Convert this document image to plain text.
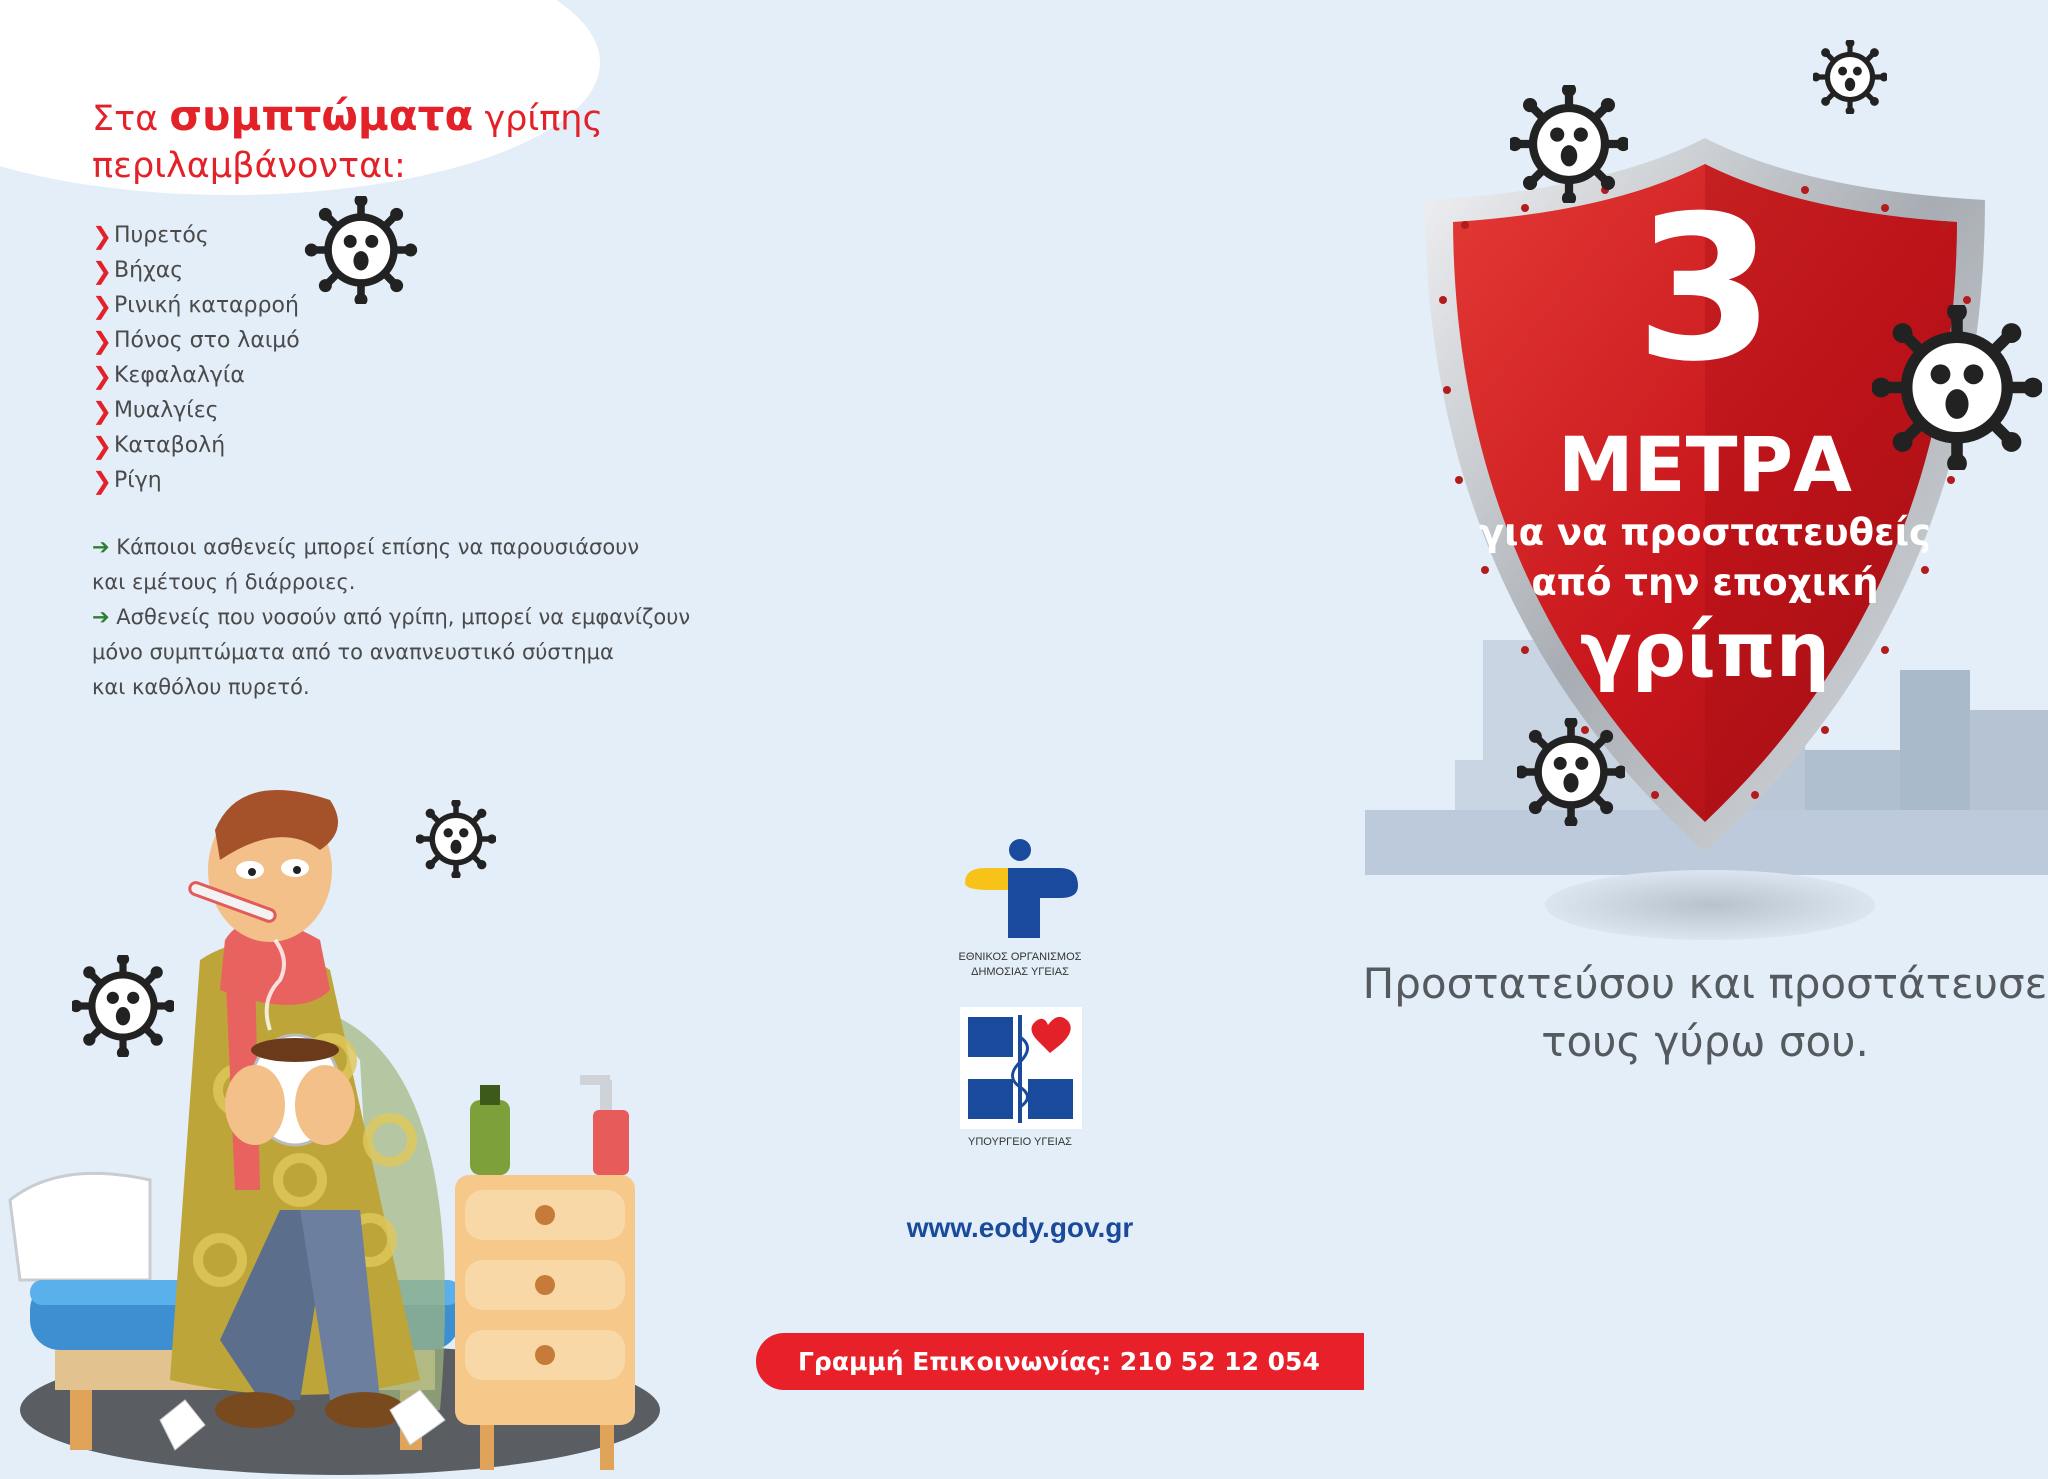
Στα συμπτώματα γρίπης
περιλαμβάνονται:
❯ Πυρετός
❯ Βήχας
❯ Ρινική καταρροή
❯ Πόνος στο λαιμό
❯ Κεφαλαλγία
❯ Μυαλγίες
❯ Καταβολή
❯ Ρίγη
➔ Κάποιοι ασθενείς μπορεί επίσης να παρουσιάσουν
και εμέτους ή διάρροιες.
➔ Ασθενείς που νοσούν από γρίπη, μπορεί να εμφανίζουν
μόνο συμπτώματα από το αναπνευστικό σύστημα
και καθόλου πυρετό.
ΕΘΝΙΚΟΣ ΟΡΓΑΝΙΣΜΟΣ
ΔΗΜΟΣΙΑΣ ΥΓΕΙΑΣ
ΥΠΟΥΡΓΕΙΟ ΥΓΕΙΑΣ
www.eody.gov.gr
Γραμμή Επικοινωνίας: 210 52 12 054
3
ΜΕΤΡΑ
για να προστατευθείς
από την εποχική
γρίπη
Προστατεύσου και προστάτευσε
τους γύρω σου.
